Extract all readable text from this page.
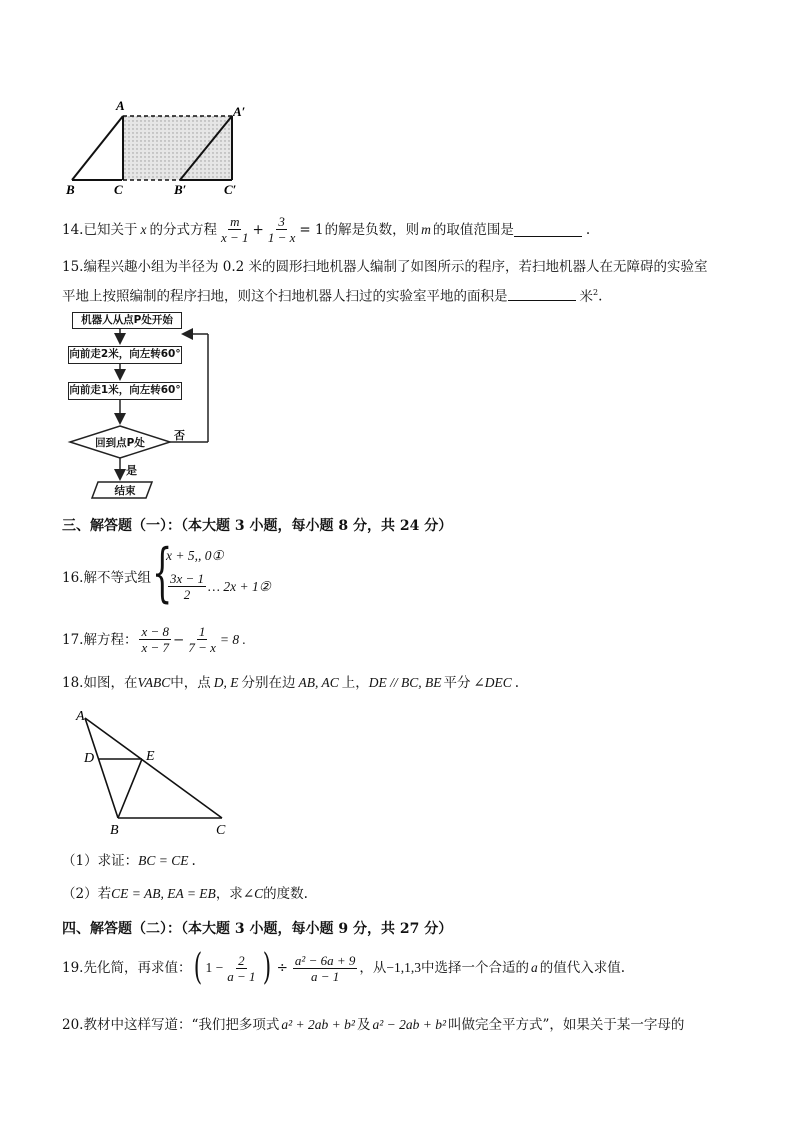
A	A′
B	C	B′	C′
14.已知关于 x 的分式方程 $\frac{m}{x - 1} + \frac{3}{1 - x} = 1$ 的解是负数，则 m 的取值范围是	.
15.编程兴趣小组为半径为 0.2 米的圆形扫地机器人编制了如图所示的程序，若扫地机器人在无障碍的实验室
平地上按照编制的程序扫地，则这个扫地机器人扫过的实验室平地的面积是	米$^2$.
机器人从点P处开始
向前走2米，向左转60°
向前走1米，向左转60°
回到点P处
否
是
结束
三、解答题（一）：（本大题 3 小题，每小题 8 分，共 24 分）
16.解不等式组 {
x + 5,, 0①
$\frac{3x - 1}{2}$ … 2x + 1②
17.解方程： $\frac{x - 8}{x - 7} - \frac{1}{7 - x} = 8$ .
18.如图，在VABC中，点 D, E 分别在边 AB, AC 上，DE // BC, BE 平分 ∠DEC .
A
D	E
B	C
（1）求证：BC = CE .
（2）若CE = AB, EA = EB，求∠C的度数.
四、解答题（二）：（本大题 3 小题，每小题 9 分，共 27 分）
19.先化简，再求值： ( $1 - \frac{2}{a - 1}$ ) ÷ $\frac{\text{a² − 6a + 9}}{a - 1}$ ，从 −1,1,3 中选择一个合适的 a 的值代入求值.
20.教材中这样写道：“我们把多项式 a² + 2ab + b² 及 a² − 2ab + b² 叫做完全平方式”，如果关于某一字母的
